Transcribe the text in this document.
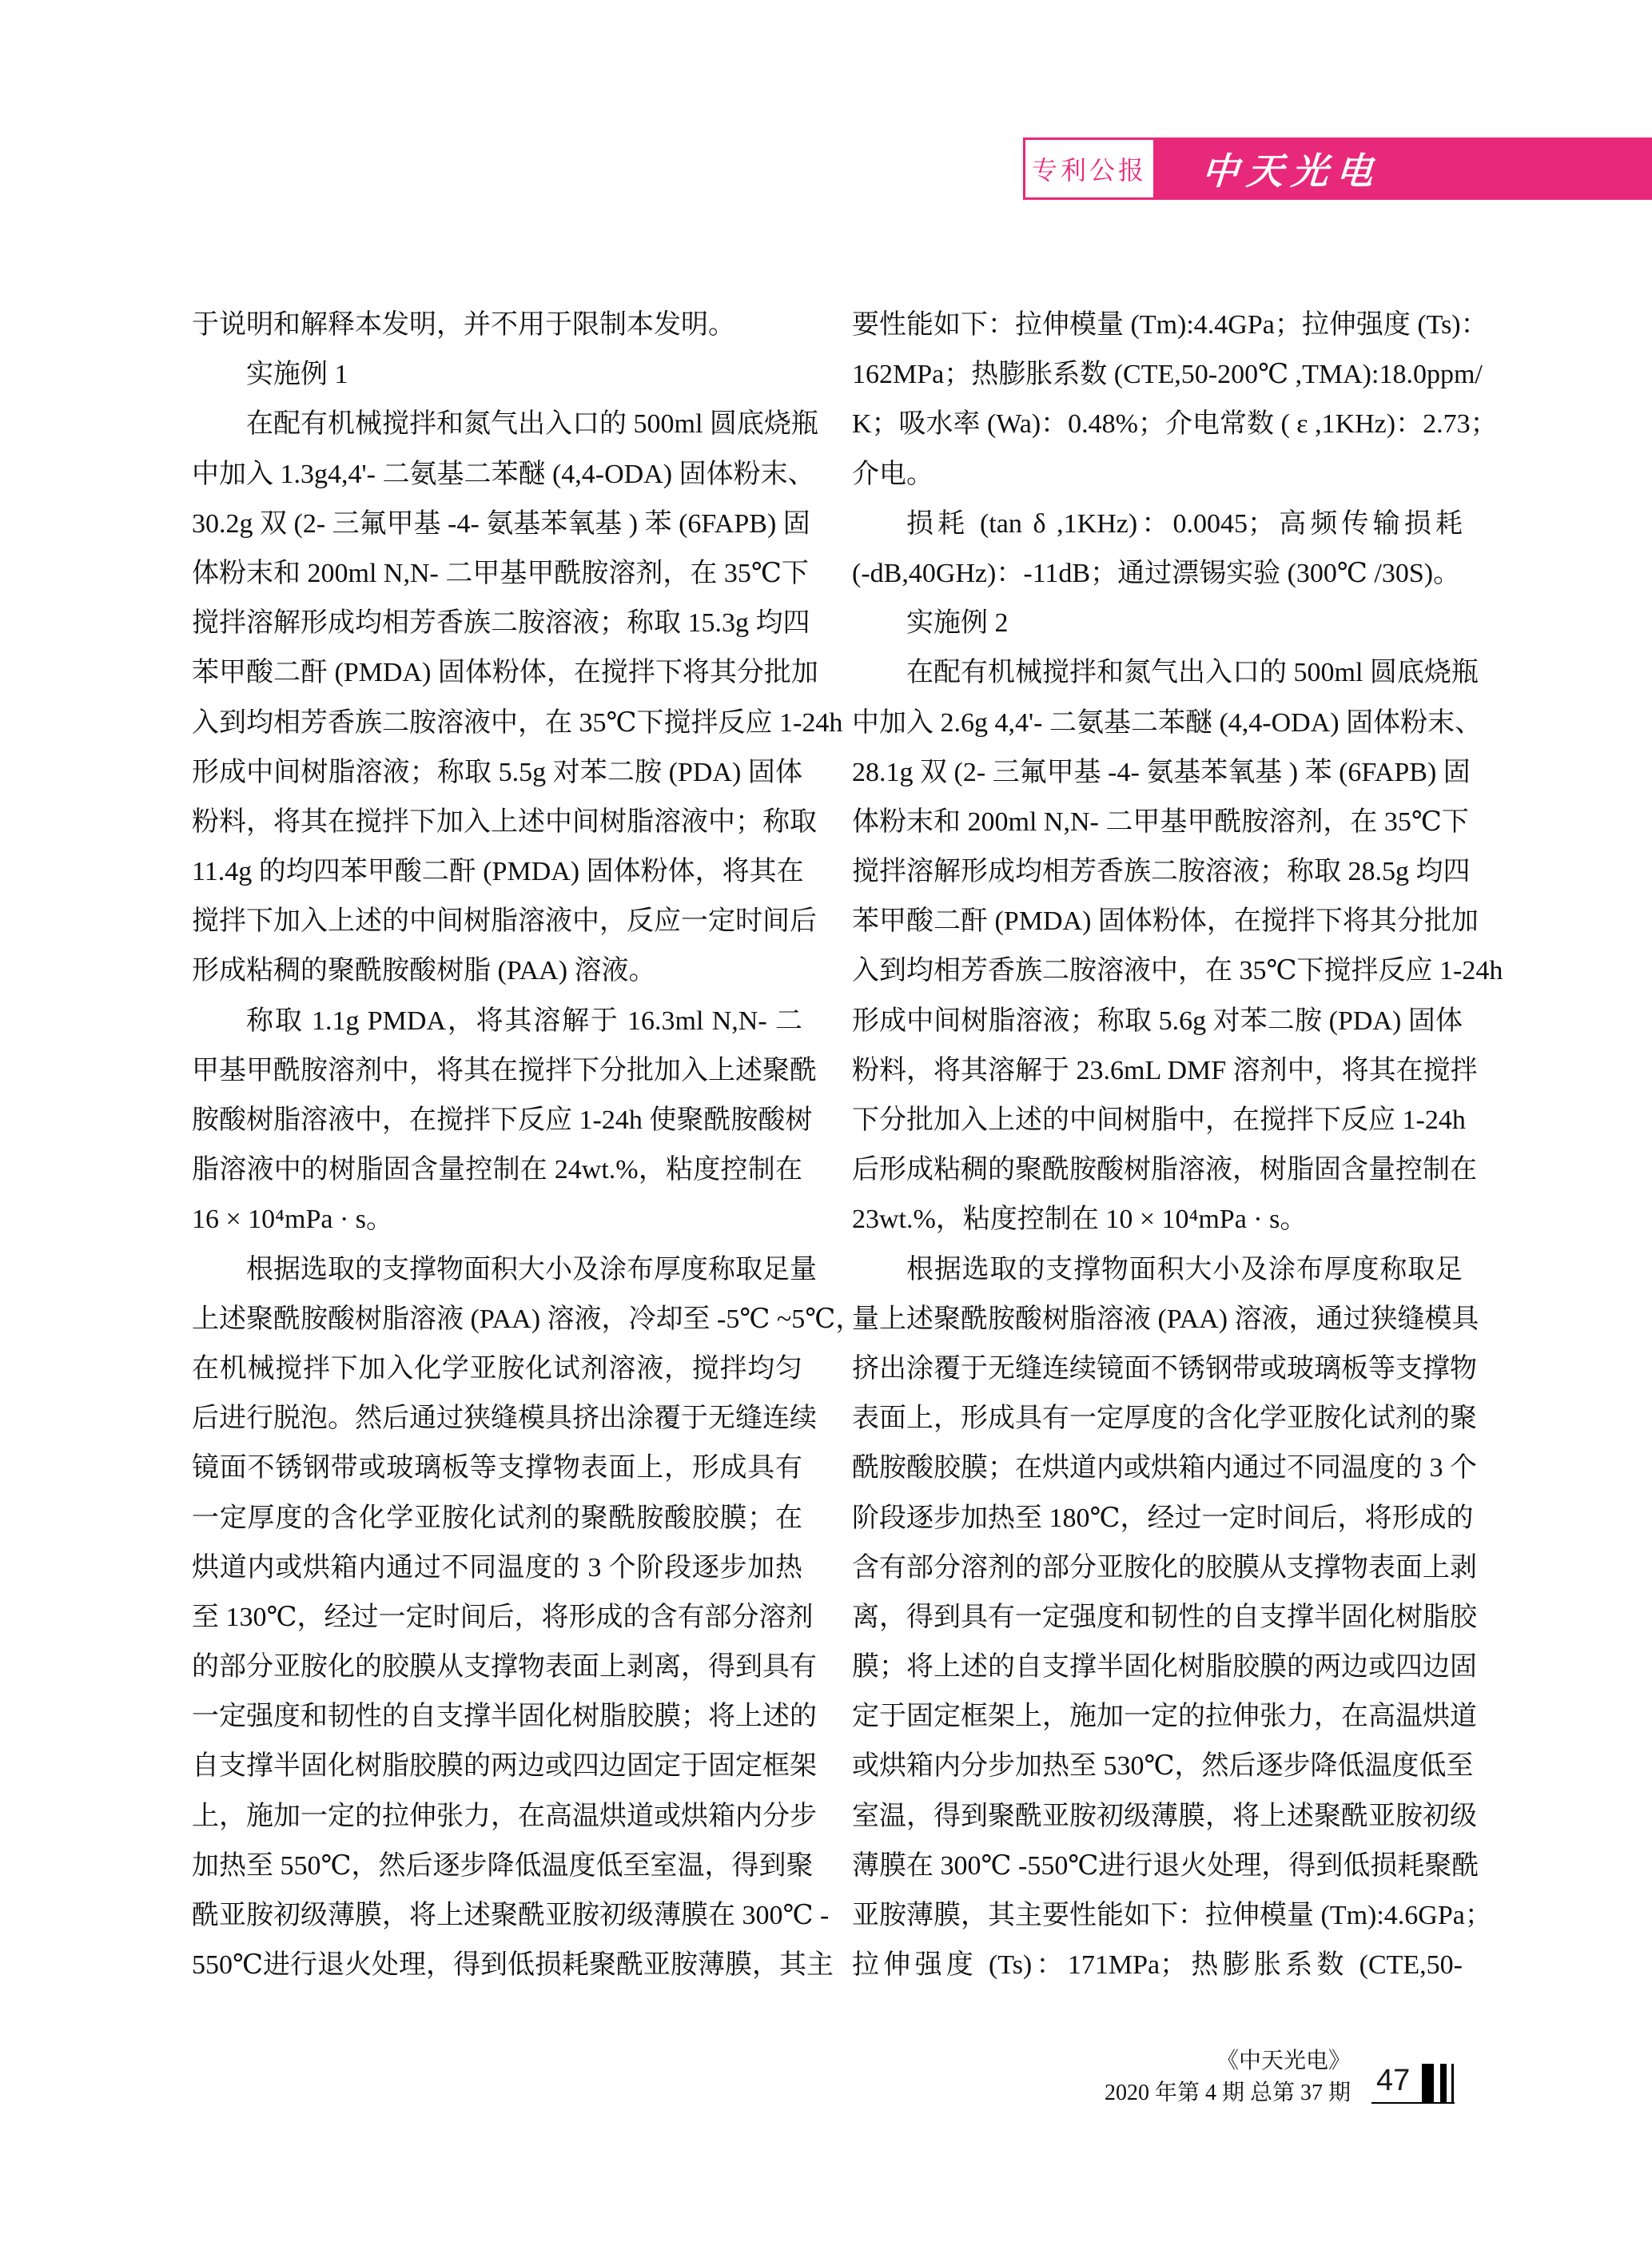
专利公报 中天光电
于说明和解释本发明，并不用于限制本发明。
实施例 1
在配有机械搅拌和氮气出入口的 500ml 圆底烧瓶
中加入 1.3g4,4'- 二氨基二苯醚 (4,4-ODA) 固体粉末、
30.2g 双 (2- 三氟甲基 -4- 氨基苯氧基 ) 苯 (6FAPB) 固
体粉末和 200ml N,N- 二甲基甲酰胺溶剂，在 35℃下
搅拌溶解形成均相芳香族二胺溶液；称取 15.3g 均四
苯甲酸二酐 (PMDA) 固体粉体，在搅拌下将其分批加
入到均相芳香族二胺溶液中，在 35℃下搅拌反应 1-24h
形成中间树脂溶液；称取 5.5g 对苯二胺 (PDA) 固体
粉料，将其在搅拌下加入上述中间树脂溶液中；称取
11.4g 的均四苯甲酸二酐 (PMDA) 固体粉体，将其在
搅拌下加入上述的中间树脂溶液中，反应一定时间后
形成粘稠的聚酰胺酸树脂 (PAA) 溶液。
称取 1.1g PMDA，将其溶解于 16.3ml N,N- 二
甲基甲酰胺溶剂中，将其在搅拌下分批加入上述聚酰
胺酸树脂溶液中，在搅拌下反应 1-24h 使聚酰胺酸树
脂溶液中的树脂固含量控制在 24wt.%，粘度控制在
16 × 10⁴mPa · s。
根据选取的支撑物面积大小及涂布厚度称取足量
上述聚酰胺酸树脂溶液 (PAA) 溶液，冷却至 -5℃ ~5℃，
在机械搅拌下加入化学亚胺化试剂溶液，搅拌均匀
后进行脱泡。然后通过狭缝模具挤出涂覆于无缝连续
镜面不锈钢带或玻璃板等支撑物表面上，形成具有
一定厚度的含化学亚胺化试剂的聚酰胺酸胶膜；在
烘道内或烘箱内通过不同温度的 3 个阶段逐步加热
至 130℃，经过一定时间后，将形成的含有部分溶剂
的部分亚胺化的胶膜从支撑物表面上剥离，得到具有
一定强度和韧性的自支撑半固化树脂胶膜；将上述的
自支撑半固化树脂胶膜的两边或四边固定于固定框架
上，施加一定的拉伸张力，在高温烘道或烘箱内分步
加热至 550℃，然后逐步降低温度低至室温，得到聚
酰亚胺初级薄膜，将上述聚酰亚胺初级薄膜在 300℃ -
550℃进行退火处理，得到低损耗聚酰亚胺薄膜，其主
要性能如下：拉伸模量 (Tm):4.4GPa；拉伸强度 (Ts)：
162MPa；热膨胀系数 (CTE,50-200℃ ,TMA):18.0ppm/
K；吸水率 (Wa)：0.48%；介电常数 ( ε ,1KHz)：2.73；
介电。
损耗 (tan δ ,1KHz)：0.0045；高频传输损耗
(-dB,40GHz)：-11dB；通过漂锡实验 (300℃ /30S)。
实施例 2
在配有机械搅拌和氮气出入口的 500ml 圆底烧瓶
中加入 2.6g 4,4'- 二氨基二苯醚 (4,4-ODA) 固体粉末、
28.1g 双 (2- 三氟甲基 -4- 氨基苯氧基 ) 苯 (6FAPB) 固
体粉末和 200ml N,N- 二甲基甲酰胺溶剂，在 35℃下
搅拌溶解形成均相芳香族二胺溶液；称取 28.5g 均四
苯甲酸二酐 (PMDA) 固体粉体，在搅拌下将其分批加
入到均相芳香族二胺溶液中，在 35℃下搅拌反应 1-24h
形成中间树脂溶液；称取 5.6g 对苯二胺 (PDA) 固体
粉料，将其溶解于 23.6mL DMF 溶剂中，将其在搅拌
下分批加入上述的中间树脂中，在搅拌下反应 1-24h
后形成粘稠的聚酰胺酸树脂溶液，树脂固含量控制在
23wt.%，粘度控制在 10 × 10⁴mPa · s。
根据选取的支撑物面积大小及涂布厚度称取足
量上述聚酰胺酸树脂溶液 (PAA) 溶液，通过狭缝模具
挤出涂覆于无缝连续镜面不锈钢带或玻璃板等支撑物
表面上，形成具有一定厚度的含化学亚胺化试剂的聚
酰胺酸胶膜；在烘道内或烘箱内通过不同温度的 3 个
阶段逐步加热至 180℃，经过一定时间后，将形成的
含有部分溶剂的部分亚胺化的胶膜从支撑物表面上剥
离，得到具有一定强度和韧性的自支撑半固化树脂胶
膜；将上述的自支撑半固化树脂胶膜的两边或四边固
定于固定框架上，施加一定的拉伸张力，在高温烘道
或烘箱内分步加热至 530℃，然后逐步降低温度低至
室温，得到聚酰亚胺初级薄膜，将上述聚酰亚胺初级
薄膜在 300℃ -550℃进行退火处理，得到低损耗聚酰
亚胺薄膜，其主要性能如下：拉伸模量 (Tm):4.6GPa；
拉伸强度 (Ts)：171MPa；热膨胀系数 (CTE,50-
《中天光电》
2020 年第 4 期 总第 37 期 47
